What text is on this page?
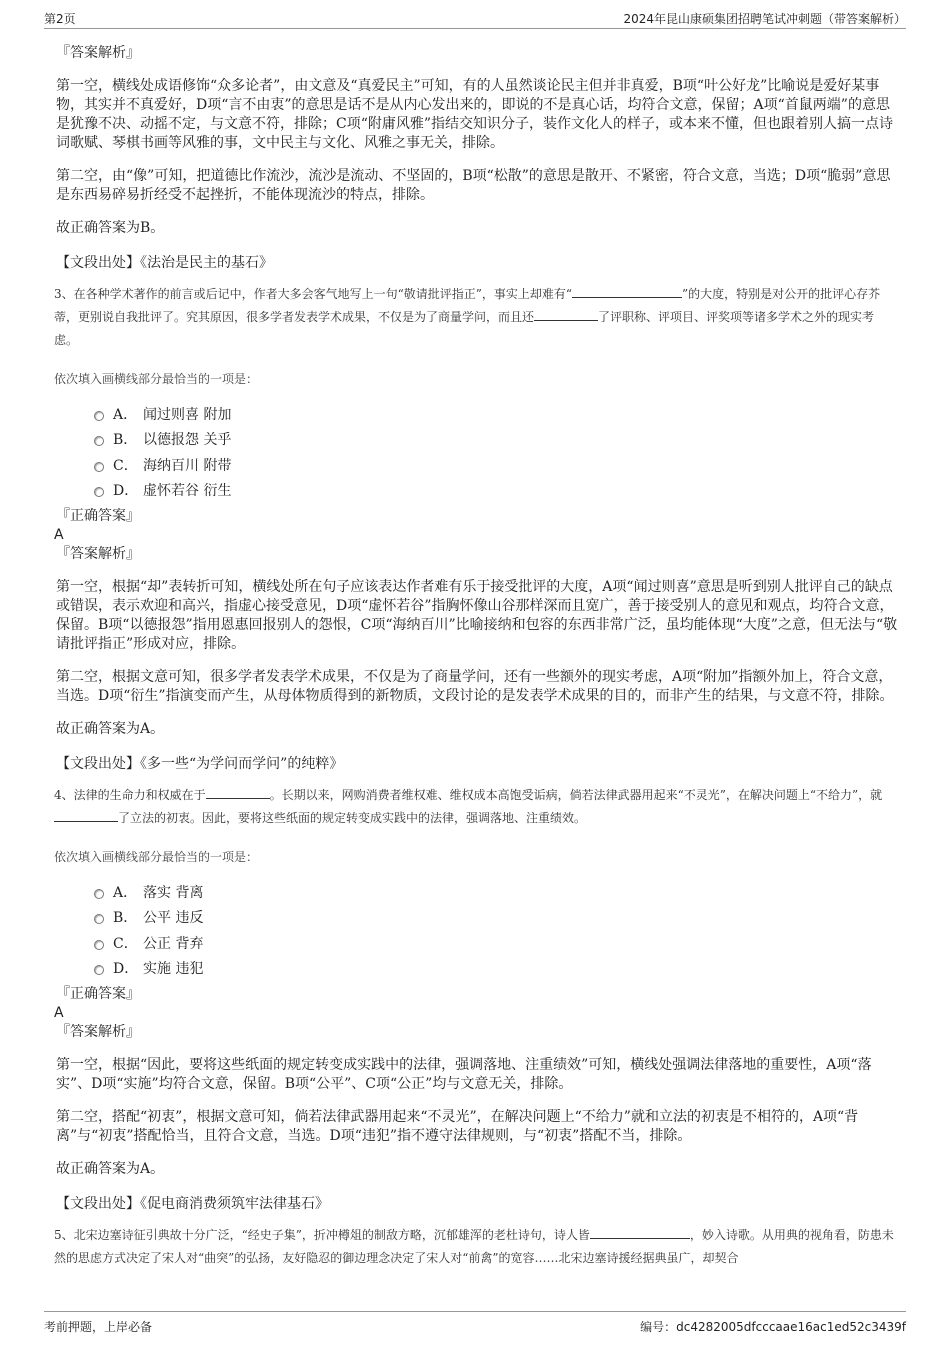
第2页	2024年昆山康硕集团招聘笔试冲刺题（带答案解析）

『答案解析』

第一空，横线处成语修饰“众多论者”，由文意及“真爱民主”可知，有的人虽然谈论民主但并非真爱，B项“叶公好龙”比喻说是爱好某事物，其实并不真爱好，D项“言不由衷”的意思是话不是从内心发出来的，即说的不是真心话，均符合文意，保留；A项“首鼠两端”的意思是犹豫不决、动摇不定，与文意不符，排除；C项“附庸风雅”指结交知识分子，装作文化人的样子，或本来不懂，但也跟着别人搞一点诗词歌赋、琴棋书画等风雅的事，文中民主与文化、风雅之事无关，排除。

第二空，由“像”可知，把道德比作流沙，流沙是流动、不坚固的，B项“松散”的意思是散开、不紧密，符合文意，当选；D项“脆弱”意思是东西易碎易折经受不起挫折，不能体现流沙的特点，排除。

故正确答案为B。

【文段出处】《法治是民主的基石》

3、在各种学术著作的前言或后记中，作者大多会客气地写上一句“敬请批评指正”，事实上却难有“	”的大度，特别是对公开的批评心存芥蒂，更别说自我批评了。究其原因，很多学者发表学术成果，不仅是为了商量学问，而且还	了评职称、评项目、评奖项等诸多学术之外的现实考虑。

依次填入画横线部分最恰当的一项是：

A． 闻过则喜 附加
B． 以德报怨 关乎
C． 海纳百川 附带
D． 虚怀若谷 衍生

『正确答案』

A

『答案解析』

第一空，根据“却”表转折可知，横线处所在句子应该表达作者难有乐于接受批评的大度，A项“闻过则喜”意思是听到别人批评自己的缺点或错误，表示欢迎和高兴，指虚心接受意见，D项“虚怀若谷”指胸怀像山谷那样深而且宽广，善于接受别人的意见和观点，均符合文意，保留。B项“以德报怨”指用恩惠回报别人的怨恨，C项“海纳百川”比喻接纳和包容的东西非常广泛，虽均能体现“大度”之意，但无法与“敬请批评指正”形成对应，排除。

第二空，根据文意可知，很多学者发表学术成果，不仅是为了商量学问，还有一些额外的现实考虑，A项“附加”指额外加上，符合文意，当选。D项“衍生”指演变而产生，从母体物质得到的新物质，文段讨论的是发表学术成果的目的，而非产生的结果，与文意不符，排除。

故正确答案为A。

【文段出处】《多一些“为学问而学问”的纯粹》

4、法律的生命力和权威在于	。长期以来，网购消费者维权难、维权成本高饱受诟病，倘若法律武器用起来“不灵光”，在解决问题上“不给力”，就了立法的初衷。因此，要将这些纸面的规定转变成实践中的法律，强调落地、注重绩效。

依次填入画横线部分最恰当的一项是：

A． 落实 背离
B． 公平 违反
C． 公正 背弃
D． 实施 违犯

『正确答案』

A

『答案解析』

第一空，根据“因此，要将这些纸面的规定转变成实践中的法律，强调落地、注重绩效”可知，横线处强调法律落地的重要性，A项“落实”、D项“实施”均符合文意，保留。B项“公平”、C项“公正”均与文意无关，排除。

第二空，搭配“初衷”，根据文意可知，倘若法律武器用起来“不灵光”，在解决问题上“不给力”就和立法的初衷是不相符的，A项“背离”与“初衷”搭配恰当，且符合文意，当选。D项“违犯”指不遵守法律规则，与“初衷”搭配不当，排除。

故正确答案为A。

【文段出处】《促电商消费须筑牢法律基石》

5、北宋边塞诗征引典故十分广泛，“经史子集”，折冲樽俎的制敌方略，沉郁雄浑的老杜诗句，诗人皆	，妙入诗歌。从用典的视角看，防患未然的思虑方式决定了宋人对“曲突”的弘扬，友好隐忍的御边理念决定了宋人对“前禽”的宽容……北宋边塞诗援经据典虽广，却契合

考前押题，上岸必备	编号：dc4282005dfcccaae16ac1ed52c3439f
